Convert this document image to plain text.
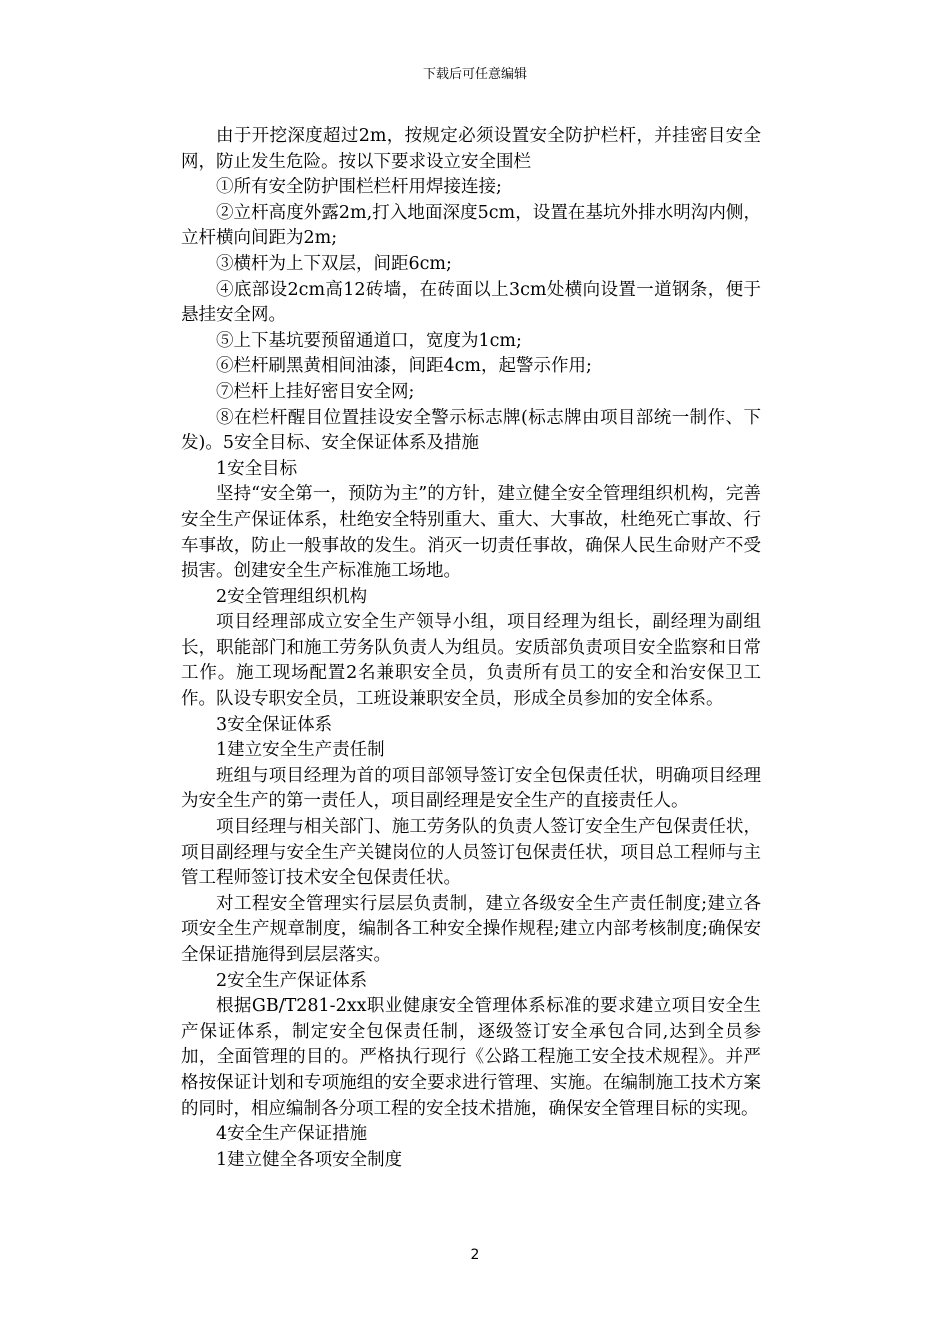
下载后可任意编辑

由于开挖深度超过2m，按规定必须设置安全防护栏杆，并挂密目安全网，防止发生危险。按以下要求设立安全围栏

①所有安全防护围栏栏杆用焊接连接;

②立杆高度外露2m,打入地面深度5cm，设置在基坑外排水明沟内侧，立杆横向间距为2m;

③横杆为上下双层，间距6cm;

④底部设2cm高12砖墙，在砖面以上3cm处横向设置一道钢条，便于悬挂安全网。

⑤上下基坑要预留通道口，宽度为1cm;

⑥栏杆刷黑黄相间油漆，间距4cm，起警示作用;

⑦栏杆上挂好密目安全网;

⑧在栏杆醒目位置挂设安全警示标志牌(标志牌由项目部统一制作、下发)。5安全目标、安全保证体系及措施

1安全目标

坚持“安全第一，预防为主”的方针，建立健全安全管理组织机构，完善安全生产保证体系，杜绝安全特别重大、重大、大事故，杜绝死亡事故、行车事故，防止一般事故的发生。消灭一切责任事故，确保人民生命财产不受损害。创建安全生产标准施工场地。

2安全管理组织机构

项目经理部成立安全生产领导小组，项目经理为组长，副经理为副组长，职能部门和施工劳务队负责人为组员。安质部负责项目安全监察和日常工作。施工现场配置2名兼职安全员，负责所有员工的安全和治安保卫工作。队设专职安全员，工班设兼职安全员，形成全员参加的安全体系。

3安全保证体系

1建立安全生产责任制

班组与项目经理为首的项目部领导签订安全包保责任状，明确项目经理为安全生产的第一责任人，项目副经理是安全生产的直接责任人。

项目经理与相关部门、施工劳务队的负责人签订安全生产包保责任状，项目副经理与安全生产关键岗位的人员签订包保责任状，项目总工程师与主管工程师签订技术安全包保责任状。

对工程安全管理实行层层负责制，建立各级安全生产责任制度;建立各项安全生产规章制度，编制各工种安全操作规程;建立内部考核制度;确保安全保证措施得到层层落实。

2安全生产保证体系

根据GB/T281-2xx职业健康安全管理体系标准的要求建立项目安全生产保证体系，制定安全包保责任制，逐级签订安全承包合同,达到全员参加，全面管理的目的。严格执行现行《公路工程施工安全技术规程》。并严格按保证计划和专项施组的安全要求进行管理、实施。在编制施工技术方案的同时，相应编制各分项工程的安全技术措施，确保安全管理目标的实现。

4安全生产保证措施

1建立健全各项安全制度

2
